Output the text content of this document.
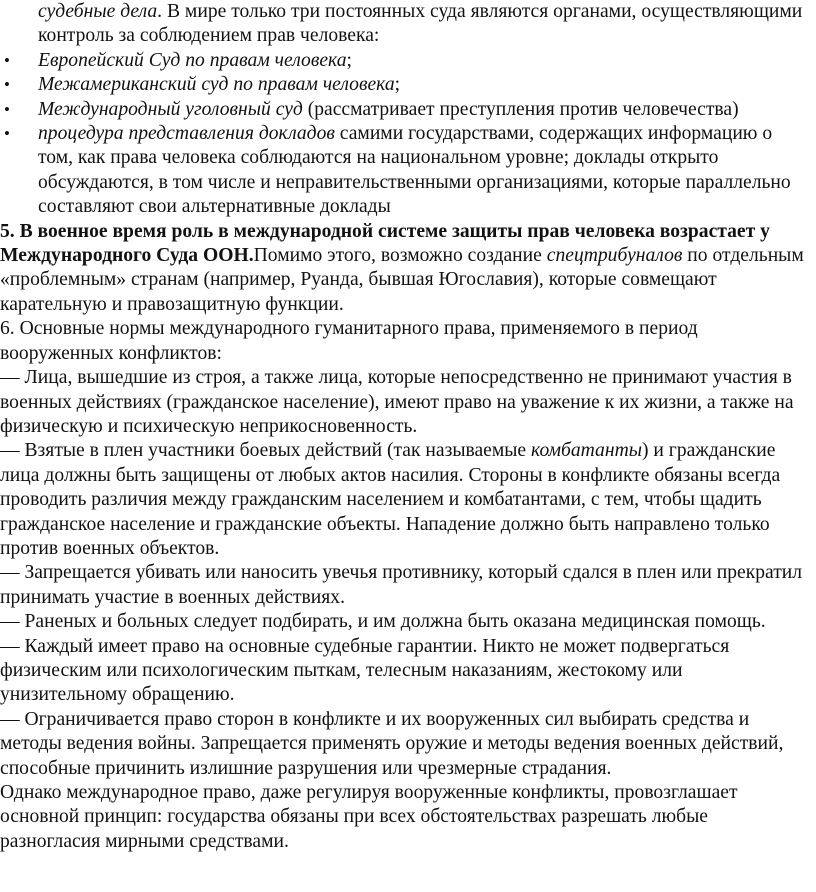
судебные дела. В мире только три постоянных суда являются органами, осуществляющими контроль за соблюдением прав человека:

• Европейский Суд по правам человека;
• Межамериканский суд по правам человека;
• Международный уголовный суд (рассматривает преступления против человечества)
• процедура представления докладов самими государствами, содержащих информацию о том, как права человека соблюдаются на национальном уровне; доклады открыто обсуждаются, в том числе и неправительственными организациями, которые параллельно составляют свои альтернативные доклады

5. В военное время роль в международной системе защиты прав человека возрастает у Международного Суда ООН.Помимо этого, возможно создание спецтрибуналов по отдельным «проблемным» странам (например, Руанда, бывшая Югославия), которые совмещают карательную и правозащитную функции.

6. Основные нормы международного гуманитарного права, применяемого в период вооруженных конфликтов:

— Лица, вышедшие из строя, а также лица, которые непосредственно не принимают участия в военных действиях (гражданское население), имеют право на уважение к их жизни, а также на физическую и психическую неприкосновенность.

— Взятые в плен участники боевых действий (так называемые комбатанты) и гражданские лица должны быть защищены от любых актов насилия. Стороны в конфликте обязаны всегда проводить различия между гражданским населением и комбатантами, с тем, чтобы щадить гражданское население и гражданские объекты. Нападение должно быть направлено только против военных объектов.

— Запрещается убивать или наносить увечья противнику, который сдался в плен или прекратил принимать участие в военных действиях.

— Раненых и больных следует подбирать, и им должна быть оказана медицинская помощь.

— Каждый имеет право на основные судебные гарантии. Никто не может подвергаться физическим или психологическим пыткам, телесным наказаниям, жестокому или унизительному обращению.

— Ограничивается право сторон в конфликте и их вооруженных сил выбирать средства и методы ведения войны. Запрещается применять оружие и методы ведения военных действий, способные причинить излишние разрушения или чрезмерные страдания.

Однако международное право, даже регулируя вооруженные конфликты, провозглашает основной принцип: государства обязаны при всех обстоятельствах разрешать любые разногласия мирными средствами.
